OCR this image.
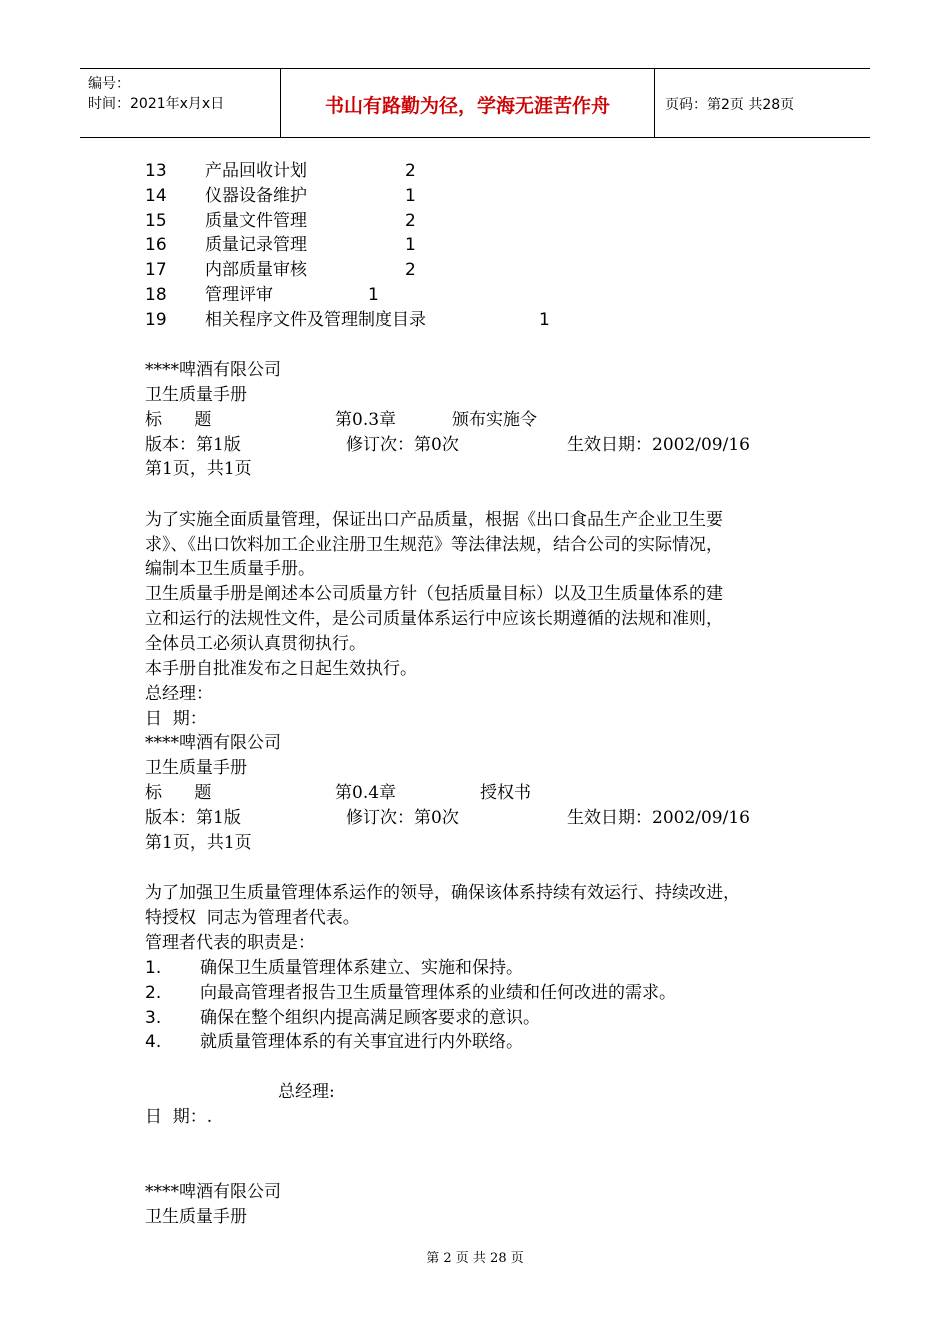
编号：
时间：2021年x月x日	书山有路勤为径，学海无涯苦作舟	页码：第2页 共28页
13 产品回收计划	2
14 仪器设备维护	1
15 质量文件管理	2
16 质量记录管理	1
17 内部质量审核	2
18 管理评审	1
19 相关程序文件及管理制度目录	1
****啤酒有限公司
卫生质量手册
标      题	第0.3章	颁布实施令
版本：第1版	修订次：第0次	生效日期：2002/09/16
第1页，共1页
为了实施全面质量管理，保证出口产品质量，根据《出口食品生产企业卫生要
求》、《出口饮料加工企业注册卫生规范》等法律法规，结合公司的实际情况，
编制本卫生质量手册。
卫生质量手册是阐述本公司质量方针（包括质量目标）以及卫生质量体系的建
立和运行的法规性文件，是公司质量体系运行中应该长期遵循的法规和准则，
全体员工必须认真贯彻执行。
本手册自批准发布之日起生效执行。
总经理：
日  期：
****啤酒有限公司
卫生质量手册
标      题	第0.4章	授权书
版本：第1版	修订次：第0次	生效日期：2002/09/16
第1页，共1页
为了加强卫生质量管理体系运作的领导，确保该体系持续有效运行、持续改进，
特授权  同志为管理者代表。
管理者代表的职责是：
1. 确保卫生质量管理体系建立、实施和保持。
2. 向最高管理者报告卫生质量管理体系的业绩和任何改进的需求。
3. 确保在整个组织内提高满足顾客要求的意识。
4. 就质量管理体系的有关事宜进行内外联络。
总经理:
日  期：.
****啤酒有限公司
卫生质量手册
第 2 页 共 28 页
